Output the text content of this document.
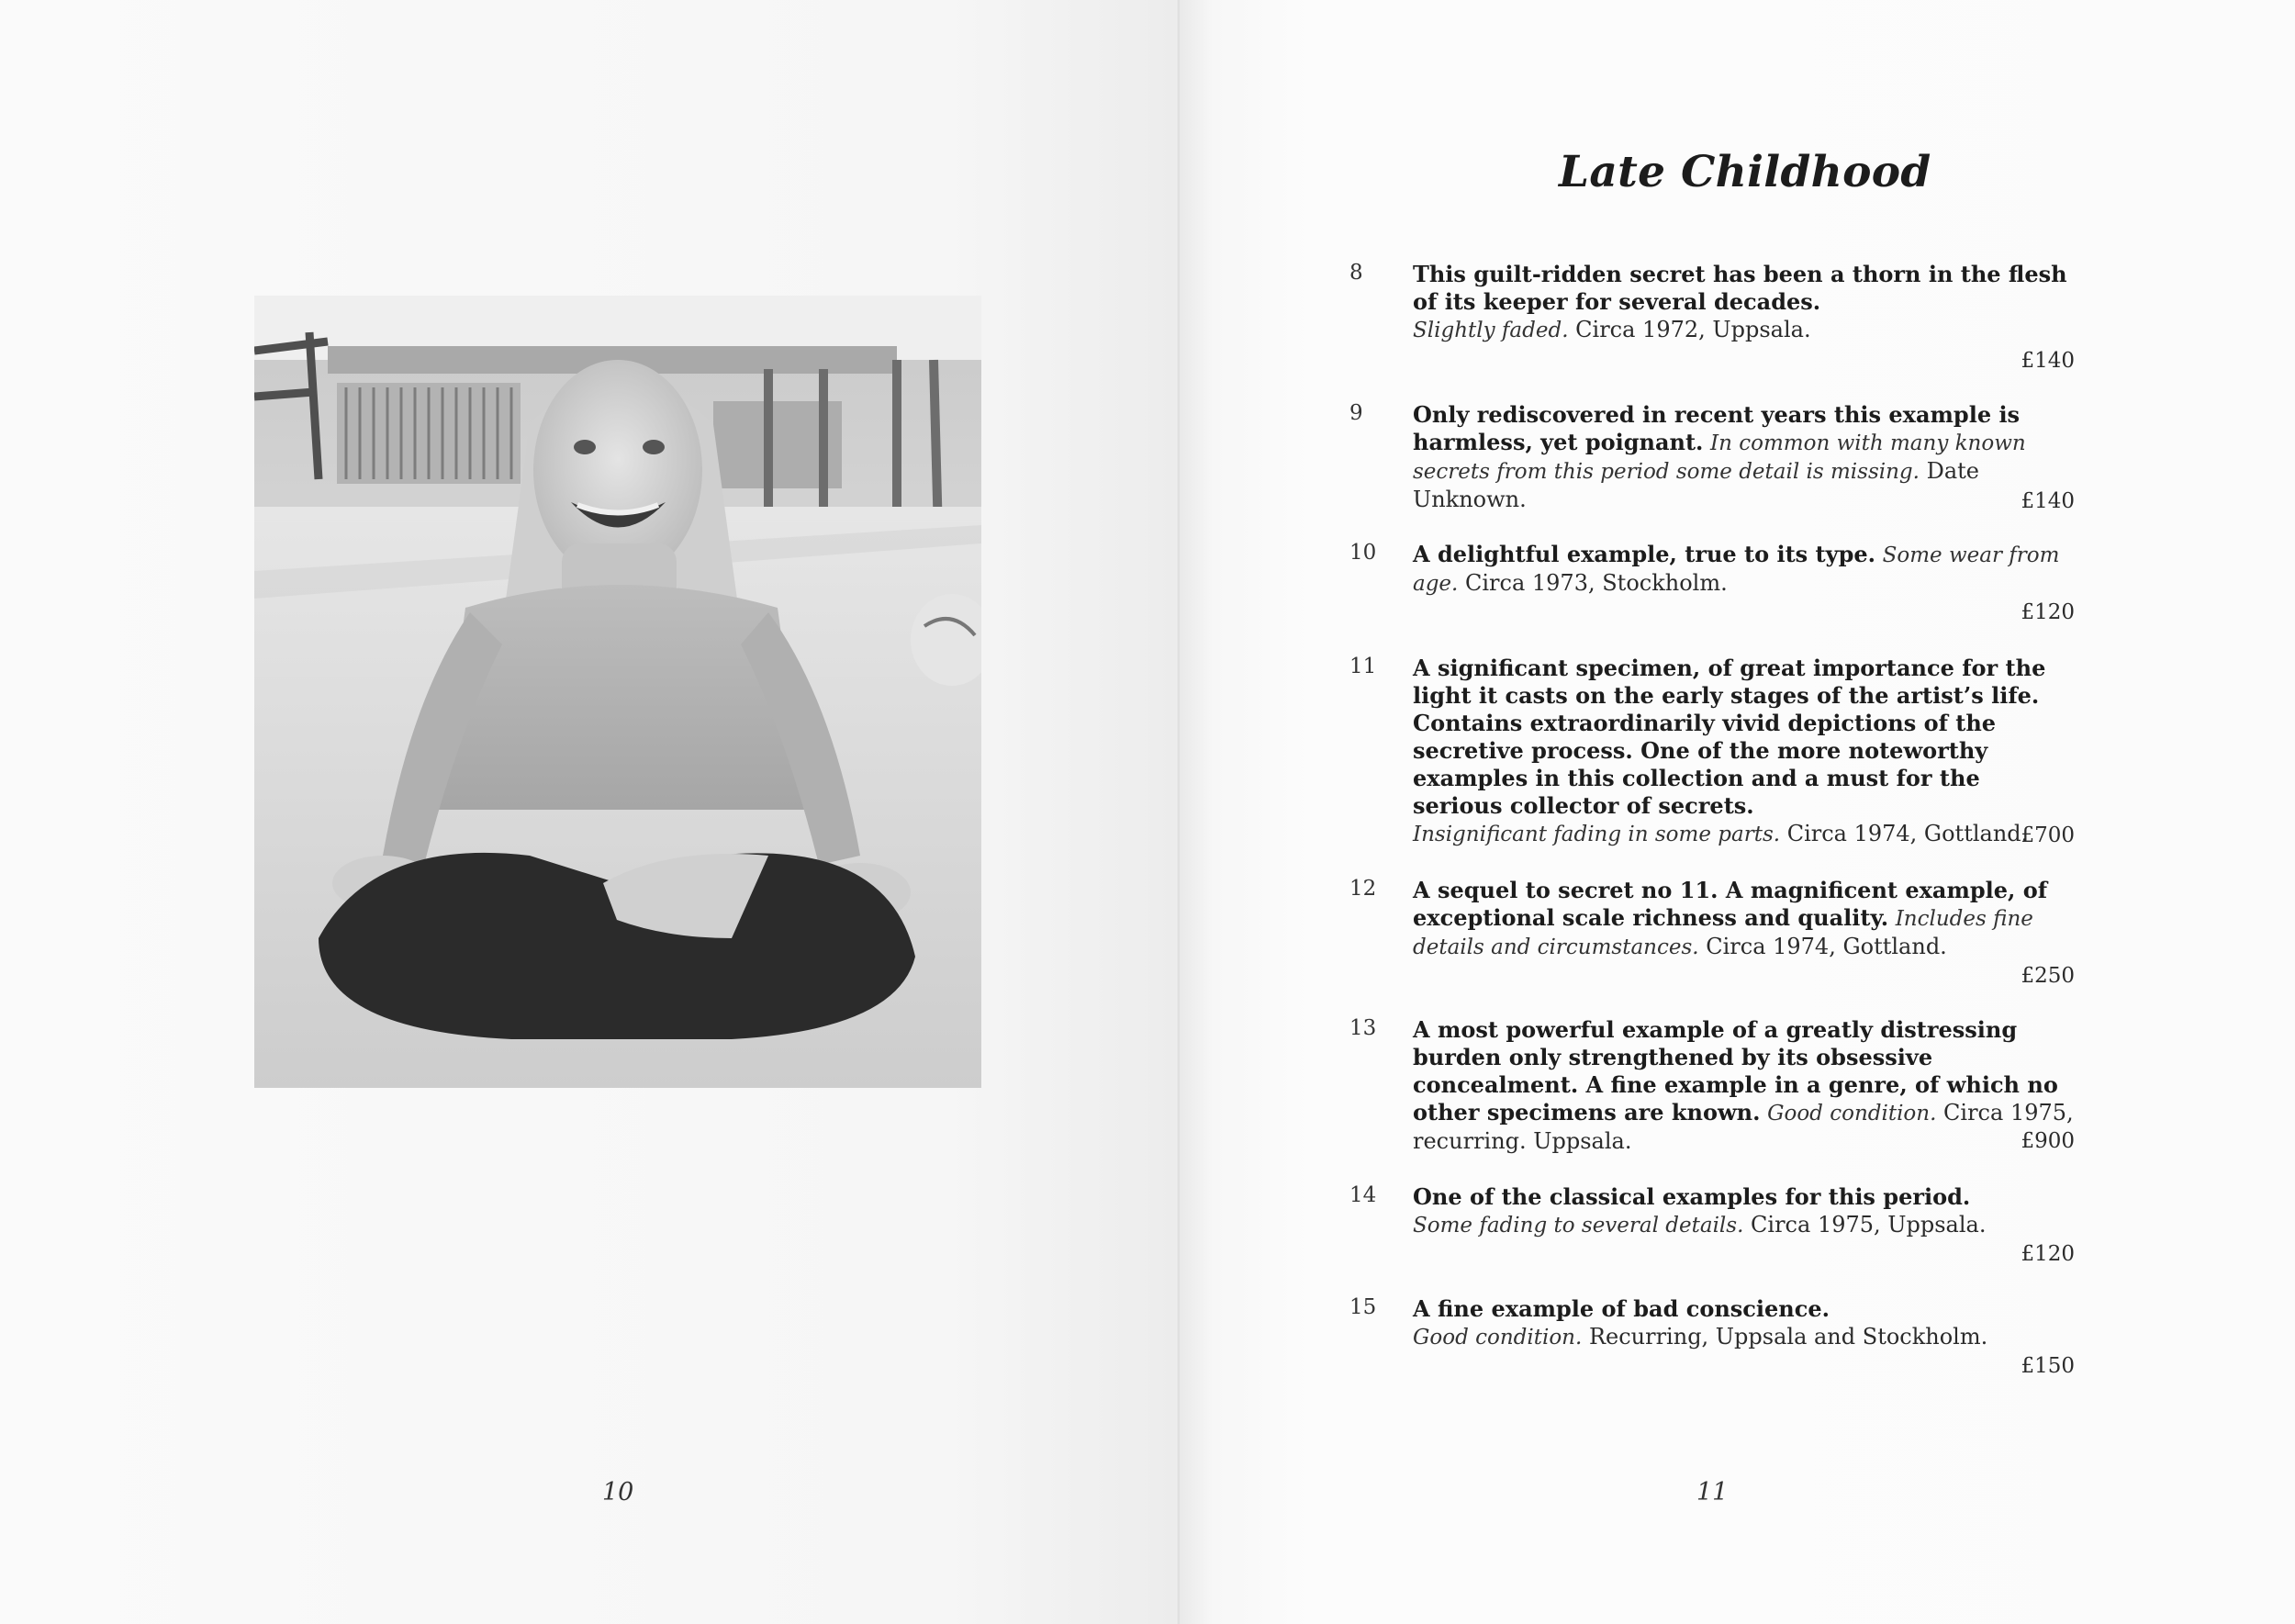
10
Late Childhood
8 This guilt-ridden secret has been a thorn in the flesh of its keeper for several decades.
Slightly faded. Circa 1972, Uppsala.
£140
9 Only rediscovered in recent years this example is harmless, yet poignant. In common with many known secrets from this period some detail is missing. Date Unknown.	£140
10 A delightful example, true to its type. Some wear from age. Circa 1973, Stockholm.
£120
11 A significant specimen, of great importance for the light it casts on the early stages of the artist’s life. Contains extraordinarily vivid depictions of the secretive process. One of the more noteworthy examples in this collection and a must for the serious collector of secrets.
Insignificant fading in some parts. Circa 1974, Gottland.
£700
12 A sequel to secret no 11. A magnificent example, of exceptional scale richness and quality. Includes fine details and circumstances. Circa 1974, Gottland.
£250
13 A most powerful example of a greatly distressing burden only strengthened by its obsessive concealment. A fine example in a genre, of which no other specimens are known. Good condition. Circa 1975, recurring. Uppsala.	£900
14 One of the classical examples for this period.
Some fading to several details. Circa 1975, Uppsala.
£120
15 A fine example of bad conscience.
Good condition. Recurring, Uppsala and Stockholm.
£150
11
